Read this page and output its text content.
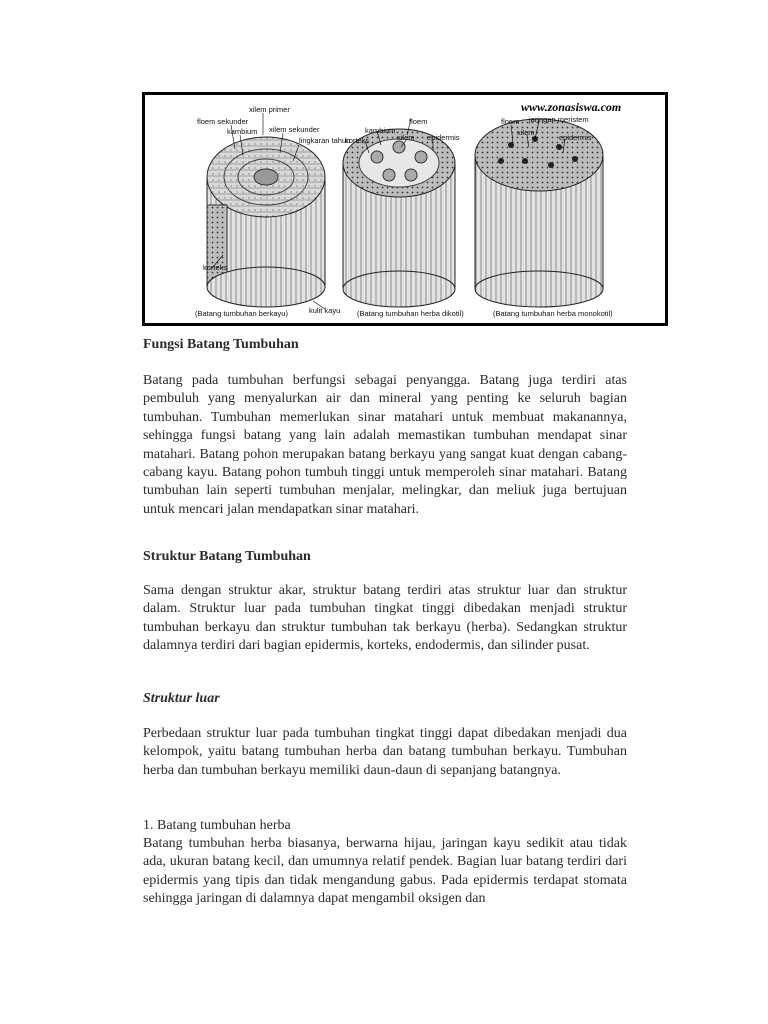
www.zonasiswa.com
xilem primer
floem sekunder
kambium xilem sekunder
lingkaran tahun
korteks
kulit kayu
floem
kambium
korteks	xilem epidermis
floem jaringan meristem
xilem
epidermis
(Batang tumbuhan berkayu)	(Batang tumbuhan herba dikotil)	(Batang tumbuhan herba monokotil)
Fungsi Batang Tumbuhan
Batang pada tumbuhan berfungsi sebagai penyangga. Batang juga terdiri atas pembuluh yang menyalurkan air dan mineral yang penting ke seluruh bagian tumbuhan. Tumbuhan memerlukan sinar matahari untuk membuat makanannya, sehingga fungsi batang yang lain adalah memastikan tumbuhan mendapat sinar matahari. Batang pohon merupakan batang berkayu yang sangat kuat dengan cabang-cabang kayu. Batang pohon tumbuh tinggi untuk memperoleh sinar matahari. Batang tumbuhan lain seperti tumbuhan menjalar, melingkar, dan meliuk juga bertujuan untuk mencari jalan mendapatkan sinar matahari.
Struktur Batang Tumbuhan
Sama dengan struktur akar, struktur batang terdiri atas struktur luar dan struktur dalam. Struktur luar pada tumbuhan tingkat tinggi dibedakan menjadi struktur tumbuhan berkayu dan struktur tumbuhan tak berkayu (herba). Sedangkan struktur dalamnya terdiri dari bagian epidermis, korteks, endodermis, dan silinder pusat.
Struktur luar
Perbedaan struktur luar pada tumbuhan tingkat tinggi dapat dibedakan menjadi dua kelompok, yaitu batang tumbuhan herba dan batang tumbuhan berkayu. Tumbuhan herba dan tumbuhan berkayu memiliki daun-daun di sepanjang batangnya.
1. Batang tumbuhan herba
Batang tumbuhan herba biasanya, berwarna hijau, jaringan kayu sedikit atau tidak ada, ukuran batang kecil, dan umumnya relatif pendek. Bagian luar batang terdiri dari epidermis yang tipis dan tidak mengandung gabus. Pada epidermis terdapat stomata sehingga jaringan di dalamnya dapat mengambil oksigen dan
